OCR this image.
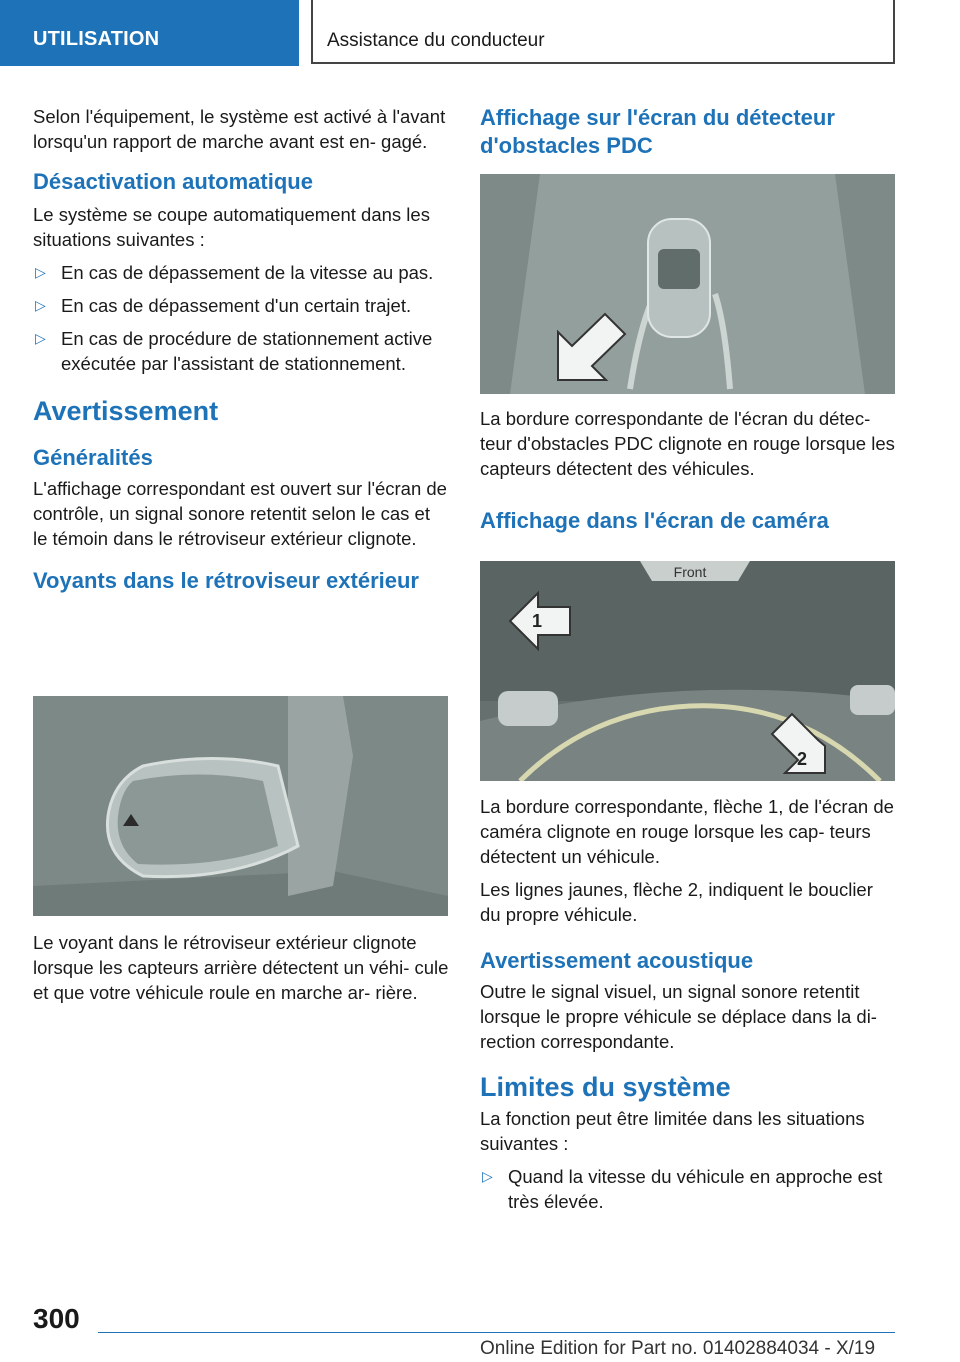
UTILISATION	Assistance du conducteur

Selon l'équipement, le système est activé à l'avant lorsqu'un rapport de marche avant est en- gagé.

Désactivation automatique

Le système se coupe automatiquement dans les situations suivantes :

▷ En cas de dépassement de la vitesse au pas.
▷ En cas de dépassement d'un certain trajet.
▷ En cas de procédure de stationnement active exécutée par l'assistant de stationnement.
Avertissement
Généralités

L'affichage correspondant est ouvert sur l'écran de contrôle, un signal sonore retentit selon le cas et le témoin dans le rétroviseur extérieur clignote.

Voyants dans le rétroviseur extérieur

Le voyant dans le rétroviseur extérieur clignote lorsque les capteurs arrière détectent un véhi- cule et que votre véhicule roule en marche ar- rière.

Affichage sur l'écran du détecteur d'obstacles PDC

La bordure correspondante de l'écran du détec- teur d'obstacles PDC clignote en rouge lorsque les capteurs détectent des véhicules.

Affichage dans l'écran de caméra
Front
1
2

La bordure correspondante, flèche 1, de l'écran de caméra clignote en rouge lorsque les cap- teurs détectent un véhicule.

Les lignes jaunes, flèche 2, indiquent le bouclier du propre véhicule.

Avertissement acoustique

Outre le signal visuel, un signal sonore retentit lorsque le propre véhicule se déplace dans la di- rection correspondante.

Limites du système

La fonction peut être limitée dans les situations suivantes :

▷ Quand la vitesse du véhicule en approche est très élevée.
300
Online Edition for Part no. 01402884034 - X/19
